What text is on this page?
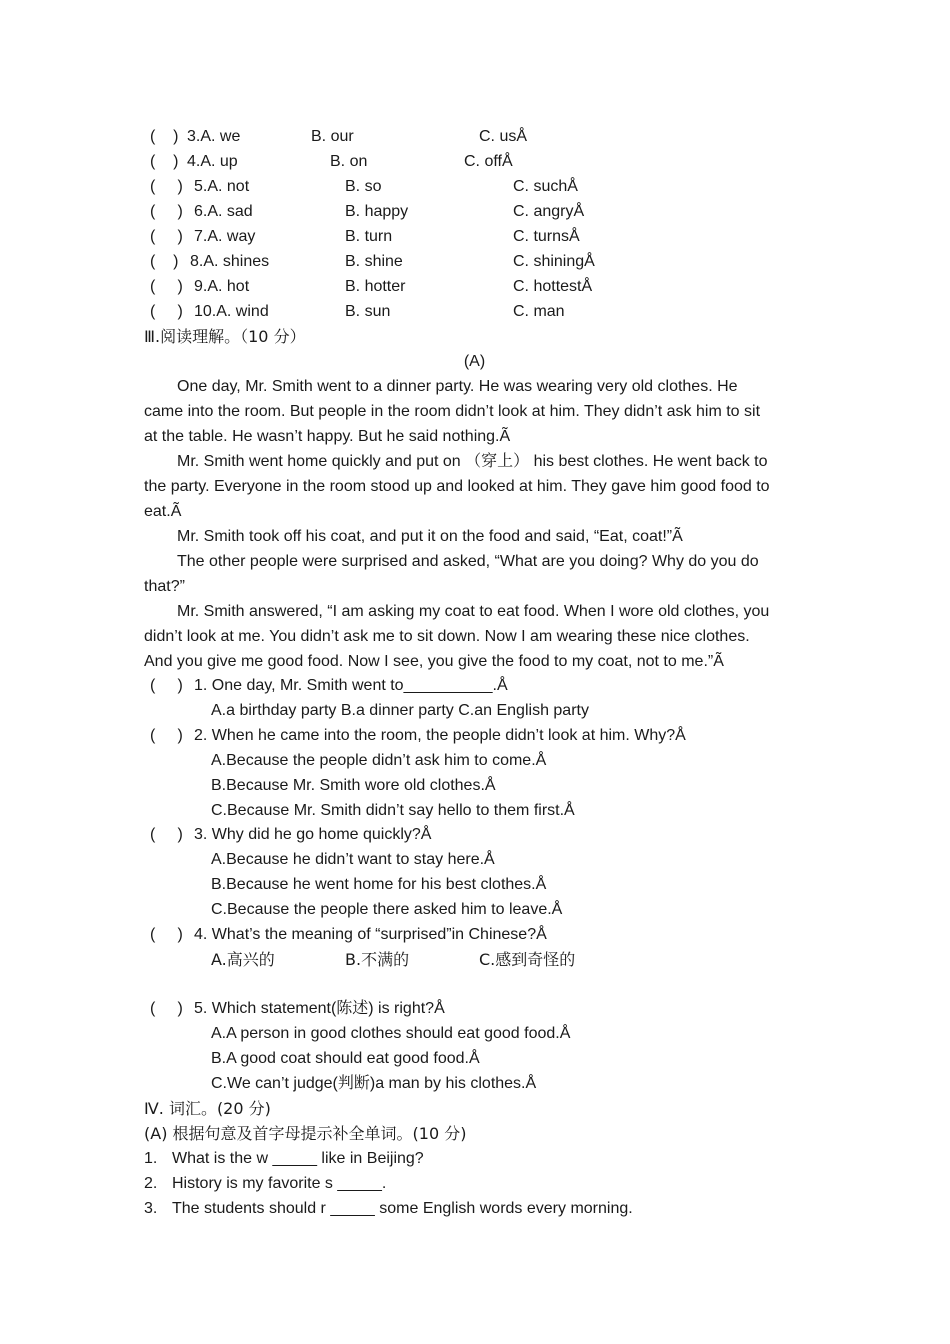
(    ) 3.A. we	B. our	C. usÅ
(    ) 4.A. up	B. on	C. offÅ
(     ) 5.A. not	B. so	C. suchÅ
(     ) 6.A. sad	B. happy	C. angryÅ
(     ) 7.A. way	B. turn	C. turnsÅ
(    ) 8.A. shines	B. shine	C. shiningÅ
(     ) 9.A. hot	B. hotter	C. hottestÅ
(     ) 10.A. wind	B. sun	C. man
Ⅲ.阅读理解。（10 分）
(A)
One day, Mr. Smith went to a dinner party. He was wearing very old clothes. He
came into the room. But people in the room didn’t look at him. They didn’t ask him to sit
at the table. He wasn’t happy. But he said nothing.Ã
Mr. Smith went home quickly and put on （穿上） his best clothes. He went back to
the party. Everyone in the room stood up and looked at him. They gave him good food to
eat.Ã
Mr. Smith took off his coat, and put it on the food and said, “Eat, coat!”Ã
The other people were surprised and asked, “What are you doing? Why do you do
that?”
Mr. Smith answered, “I am asking my coat to eat food. When I wore old clothes, you
didn’t look at me. You didn’t ask me to sit down. Now I am wearing these nice clothes.
And you give me good food. Now I see, you give the food to my coat, not to me.”Ã
(     ) 1. One day, Mr. Smith went to__________.Å
A.a birthday party B.a dinner party C.an English party
(     ) 2. When he came into the room, the people didn’t look at him. Why?Å
A.Because the people didn’t ask him to come.Å
B.Because Mr. Smith wore old clothes.Å
C.Because Mr. Smith didn’t say hello to them first.Å
(     ) 3. Why did he go home quickly?Å
A.Because he didn’t want to stay here.Å
B.Because he went home for his best clothes.Å
C.Because the people there asked him to leave.Å
(     ) 4. What’s the meaning of “surprised”in Chinese?Å
A.高兴的	B.不满的	C.感到奇怪的
(     ) 5. Which statement(陈述) is right?Å
A.A person in good clothes should eat good food.Å
B.A good coat should eat good food.Å
C.We can’t judge(判断)a man by his clothes.Å
Ⅳ. 词汇。(20 分)
(A) 根据句意及首字母提示补全单词。(10 分)
1. What is the w _____ like in Beijing?
2. History is my favorite s _____.
3. The students should r _____ some English words every morning.
